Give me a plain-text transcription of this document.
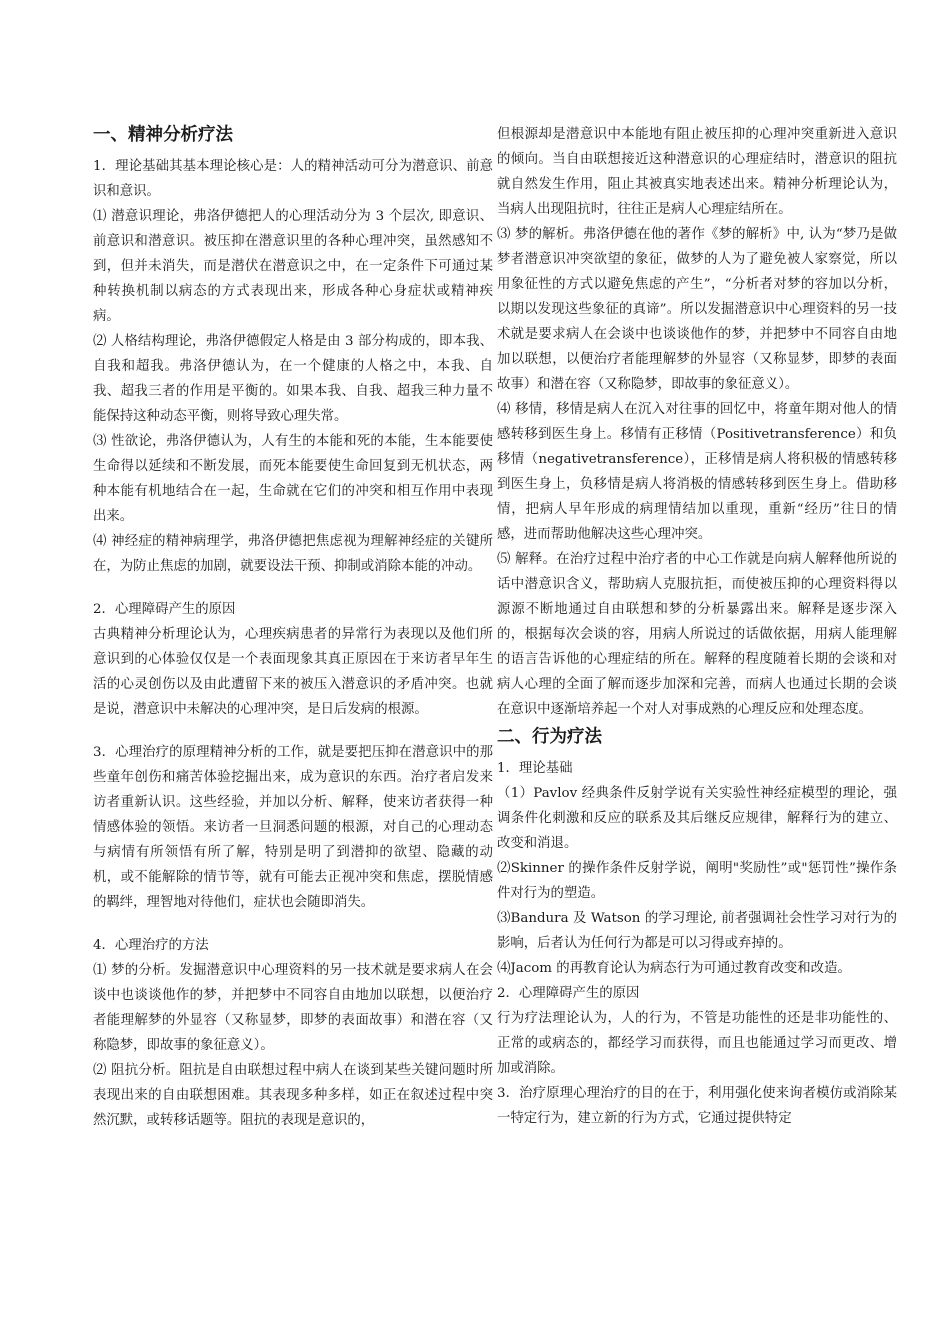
一、精神分析疗法

1．理论基础其基本理论核心是：人的精神活动可分为潜意识、前意识和意识。

⑴ 潜意识理论，弗洛伊德把人的心理活动分为 3 个层次, 即意识、前意识和潜意识。被压抑在潜意识里的各种心理冲突，虽然感知不到，但并未消失，而是潜伏在潜意识之中，在一定条件下可通过某种转换机制以病态的方式表现出来，形成各种心身症状或精神疾病。

⑵ 人格结构理论，弗洛伊德假定人格是由 3 部分构成的，即本我、自我和超我。弗洛伊德认为，在一个健康的人格之中，本我、自我、超我三者的作用是平衡的。如果本我、自我、超我三种力量不能保持这种动态平衡，则将导致心理失常。

⑶ 性欲论，弗洛伊德认为，人有生的本能和死的本能，生本能要使生命得以延续和不断发展，而死本能要使生命回复到无机状态，两种本能有机地结合在一起，生命就在它们的冲突和相互作用中表现出来。

⑷ 神经症的精神病理学，弗洛伊德把焦虑视为理解神经症的关键所在，为防止焦虑的加剧，就要设法干预、抑制或消除本能的冲动。

2．心理障碍产生的原因

古典精神分析理论认为，心理疾病患者的异常行为表现以及他们所意识到的心体验仅仅是一个表面现象其真正原因在于来访者早年生活的心灵创伤以及由此遭留下来的被压入潜意识的矛盾冲突。也就是说，潜意识中未解决的心理冲突，是日后发病的根源。

3．心理治疗的原理精神分析的工作，就是要把压抑在潜意识中的那些童年创伤和痛苦体验挖掘出来，成为意识的东西。治疗者启发来访者重新认识。这些经验，并加以分析、解释，使来访者获得一种情感体验的领悟。来访者一旦洞悉问题的根源，对自己的心理动态与病情有所领悟有所了解，特别是明了到潜抑的欲望、隐藏的动机，或不能解除的情节等，就有可能去正视冲突和焦虑，摆脱情感的羁绊，理智地对待他们，症状也会随即消失。

4．心理治疗的方法

⑴ 梦的分析。发掘潜意识中心理资料的另一技术就是要求病人在会谈中也谈谈他作的梦，并把梦中不同容自由地加以联想，以便治疗者能理解梦的外显容（又称显梦，即梦的表面故事）和潜在容（又称隐梦，即故事的象征意义）。

⑵ 阻抗分析。阻抗是自由联想过程中病人在谈到某些关键问题时所表现出来的自由联想困难。其表现多种多样，如正在叙述过程中突然沉默，或转移话题等。阻抗的表现是意识的，

但根源却是潜意识中本能地有阻止被压抑的心理冲突重新进入意识的倾向。当自由联想接近这种潜意识的心理症结时，潜意识的阻抗就自然发生作用，阻止其被真实地表述出来。精神分析理论认为，当病人出现阻抗时，往往正是病人心理症结所在。

⑶ 梦的解析。弗洛伊德在他的著作《梦的解析》中, 认为“梦乃是做梦者潜意识冲突欲望的象征，做梦的人为了避免被人家察觉，所以用象征性的方式以避免焦虑的产生”，“分析者对梦的容加以分析，以期以发现这些象征的真谛”。所以发掘潜意识中心理资料的另一技术就是要求病人在会谈中也谈谈他作的梦，并把梦中不同容自由地加以联想，以便治疗者能理解梦的外显容（又称显梦，即梦的表面故事）和潜在容（又称隐梦，即故事的象征意义）。

⑷ 移情，移情是病人在沉入对往事的回忆中，将童年期对他人的情感转移到医生身上。移情有正移情（Positivetransference）和负移情（negativetransference），正移情是病人将积极的情感转移到医生身上，负移情是病人将消极的情感转移到医生身上。借助移情，把病人早年形成的病理情结加以重现，重新“经历”往日的情感，进而帮助他解决这些心理冲突。

⑸ 解释。在治疗过程中治疗者的中心工作就是向病人解释他所说的话中潜意识含义，帮助病人克服抗拒，而使被压抑的心理资料得以源源不断地通过自由联想和梦的分析暴露出来。解释是逐步深入的，根据每次会谈的容，用病人所说过的话做依据，用病人能理解的语言告诉他的心理症结的所在。解释的程度随着长期的会谈和对病人心理的全面了解而逐步加深和完善，而病人也通过长期的会谈在意识中逐渐培养起一个对人对事成熟的心理反应和处理态度。

二、行为疗法

1．理论基础

（1）Pavlov 经典条件反射学说有关实验性神经症模型的理论，强调条件化刺激和反应的联系及其后继反应规律，解释行为的建立、改变和消退。

⑵Skinner 的操作条件反射学说，阐明"奖励性”或"惩罚性”操作条件对行为的塑造。

⑶Bandura 及 Watson 的学习理论, 前者强调社会性学习对行为的影响，后者认为任何行为都是可以习得或弃掉的。

⑷Jacom 的再教育论认为病态行为可通过教育改变和改造。

2．心理障碍产生的原因

行为疗法理论认为，人的行为，不管是功能性的还是非功能性的、正常的或病态的，都经学习而获得，而且也能通过学习而更改、增加或消除。

3．治疗原理心理治疗的目的在于，利用强化使来询者模仿或消除某一特定行为，建立新的行为方式，它通过提供特定
